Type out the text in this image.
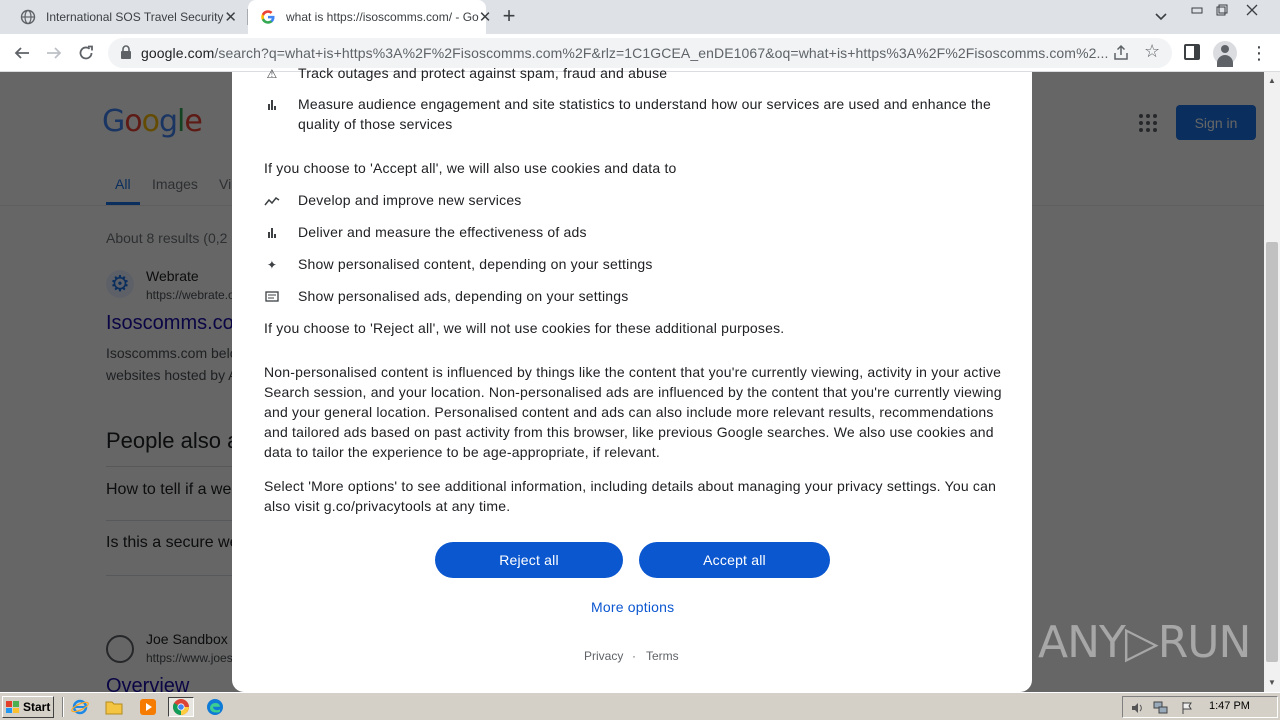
International SOS Travel Security ✕	what is https://isoscomms.com/ - Go ✕ +
google.com/search?q=what+is+https%3A%2F%2Fisoscomms.com%2F&rlz=1C1GCEA_enDE1067&oq=what+is+https%3A%2F%2Fisoscomms.com%2... ☆	⋮
⚠ Track outages and protect against spam, fraud and abuse
Measure audience engagement and site statistics to understand how our services are used and enhance the quality of those services
If you choose to 'Accept all', we will also use cookies and data to
Develop and improve new services
Deliver and measure the effectiveness of ads
✦ Show personalised content, depending on your settings
Show personalised ads, depending on your settings
If you choose to 'Reject all', we will not use cookies for these additional purposes.
Non-personalised content is influenced by things like the content that you're currently viewing, activity in your active Search session, and your location. Non-personalised ads are influenced by the content that you're currently viewing and your general location. Personalised content and ads can also include more relevant results, recommendations and tailored ads based on past activity from this browser, like previous Google searches. We also use cookies and data to tailor the experience to be age-appropriate, if relevant.
Select 'More options' to see additional information, including details about managing your privacy settings. You can also visit g.co/privacytools at any time.
Reject all	Accept all
More options
Privacy · Terms
▲
▼
ANY▷RUN
Start	1:47 PM
